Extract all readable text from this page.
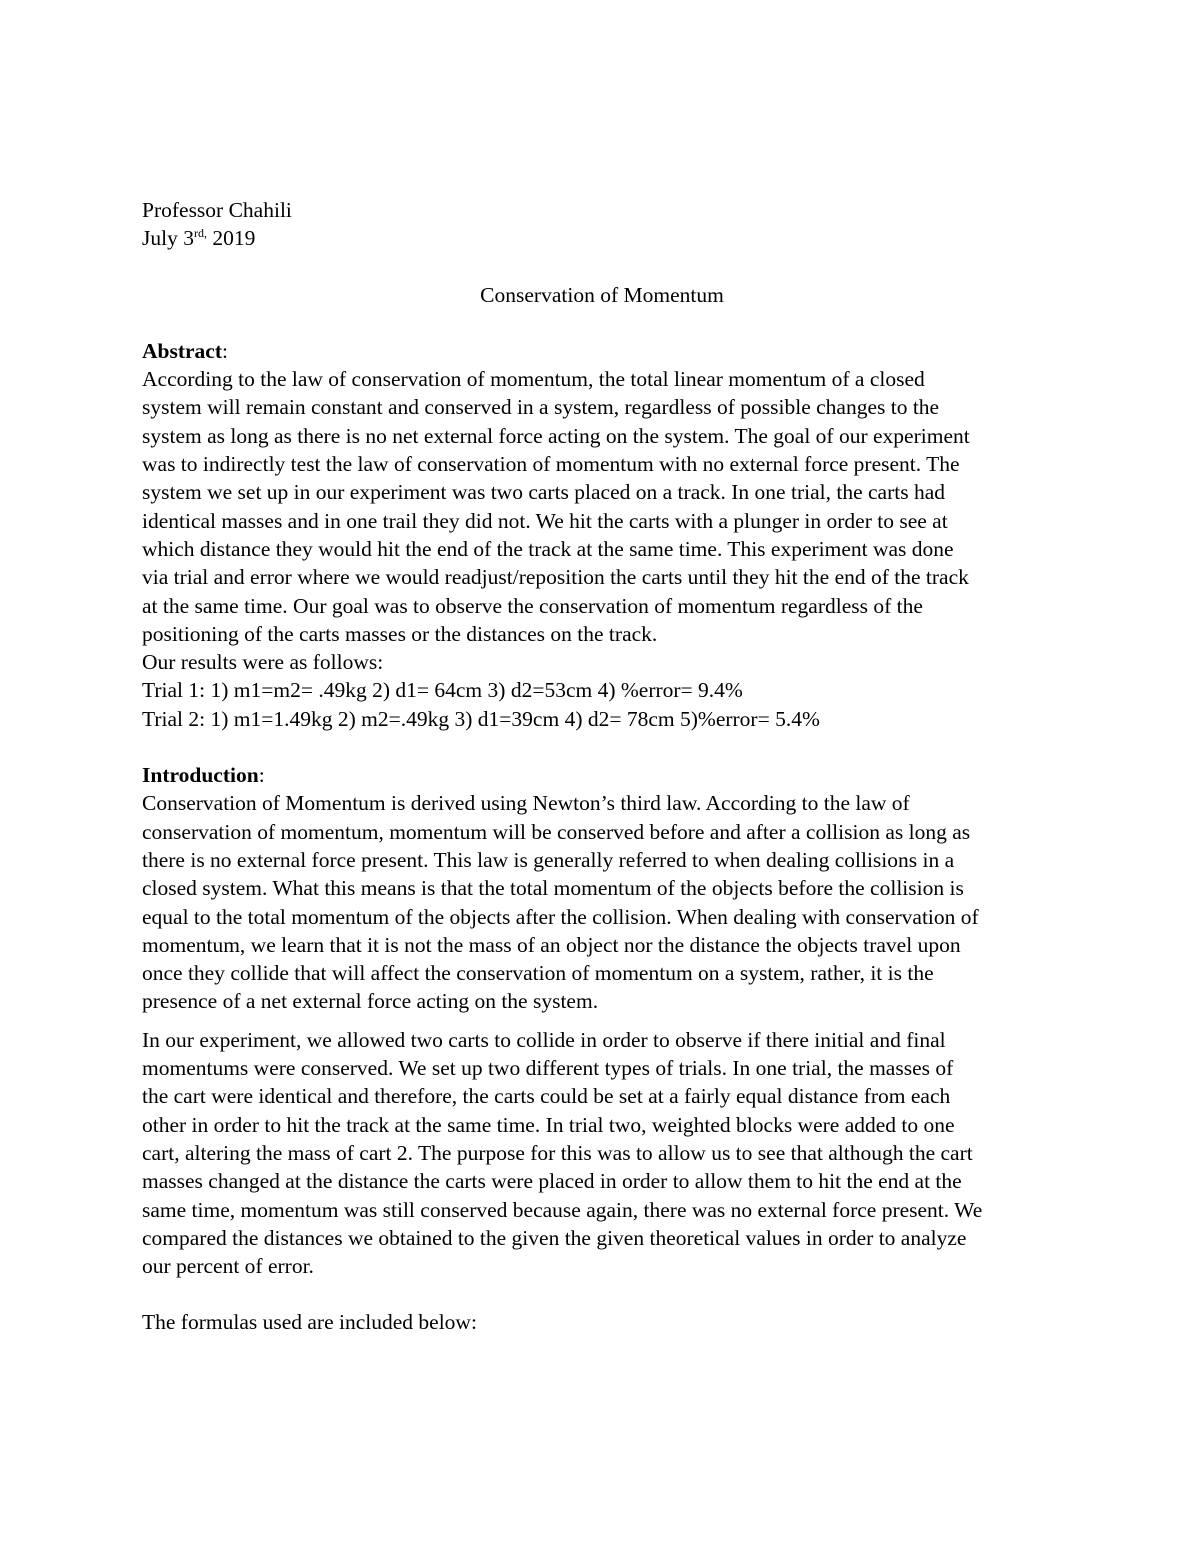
Professor Chahili
July $3^{rd,}$ 2019
Conservation of Momentum
Abstract:
According to the law of conservation of momentum, the total linear momentum of a closed
system will remain constant and conserved in a system, regardless of possible changes to the
system as long as there is no net external force acting on the system. The goal of our experiment
was to indirectly test the law of conservation of momentum with no external force present. The
system we set up in our experiment was two carts placed on a track. In one trial, the carts had
identical masses and in one trail they did not. We hit the carts with a plunger in order to see at
which distance they would hit the end of the track at the same time. This experiment was done
via trial and error where we would readjust/reposition the carts until they hit the end of the track
at the same time. Our goal was to observe the conservation of momentum regardless of the
positioning of the carts masses or the distances on the track.
Our results were as follows:
Trial 1: 1) m1=m2= .49kg 2) d1= 64cm 3) d2=53cm 4) %error= 9.4%
Trial 2: 1) m1=1.49kg 2) m2=.49kg 3) d1=39cm 4) d2= 78cm 5)%error= 5.4%
Introduction:
Conservation of Momentum is derived using Newton’s third law. According to the law of
conservation of momentum, momentum will be conserved before and after a collision as long as
there is no external force present. This law is generally referred to when dealing collisions in a
closed system. What this means is that the total momentum of the objects before the collision is
equal to the total momentum of the objects after the collision. When dealing with conservation of
momentum, we learn that it is not the mass of an object nor the distance the objects travel upon
once they collide that will affect the conservation of momentum on a system, rather, it is the
presence of a net external force acting on the system.
In our experiment, we allowed two carts to collide in order to observe if there initial and final
momentums were conserved. We set up two different types of trials. In one trial, the masses of
the cart were identical and therefore, the carts could be set at a fairly equal distance from each
other in order to hit the track at the same time. In trial two, weighted blocks were added to one
cart, altering the mass of cart 2. The purpose for this was to allow us to see that although the cart
masses changed at the distance the carts were placed in order to allow them to hit the end at the
same time, momentum was still conserved because again, there was no external force present. We
compared the distances we obtained to the given the given theoretical values in order to analyze
our percent of error.
The formulas used are included below:
